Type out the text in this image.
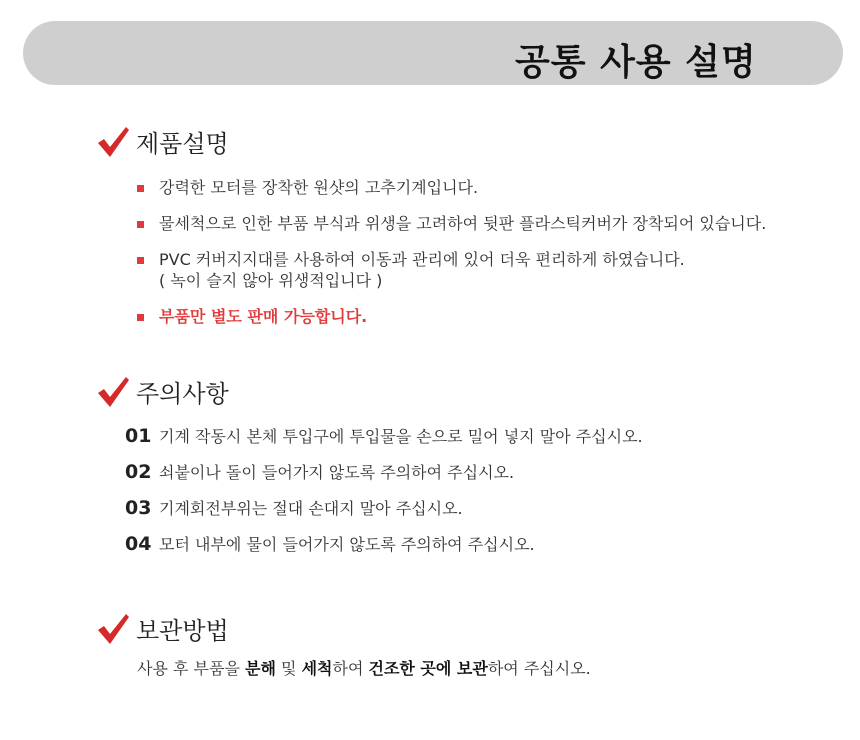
공통 사용 설명
제품설명
강력한 모터를 장착한 원샷의 고추기계입니다.
물세척으로 인한 부품 부식과 위생을 고려하여 뒷판 플라스틱커버가 장착되어 있습니다.
PVC 커버지지대를 사용하여 이동과 관리에 있어 더욱 편리하게 하였습니다.
( 녹이 슬지 않아 위생적입니다 )
부품만 별도 판매 가능합니다.
주의사항
01 기계 작동시 본체 투입구에 투입물을 손으로 밀어 넣지 말아 주십시오.
02 쇠붙이나 돌이 들어가지 않도록 주의하여 주십시오.
03 기계회전부위는 절대 손대지 말아 주십시오.
04 모터 내부에 물이 들어가지 않도록 주의하여 주십시오.
보관방법
사용 후 부품을 분해 및 세척하여 건조한 곳에 보관하여 주십시오.
